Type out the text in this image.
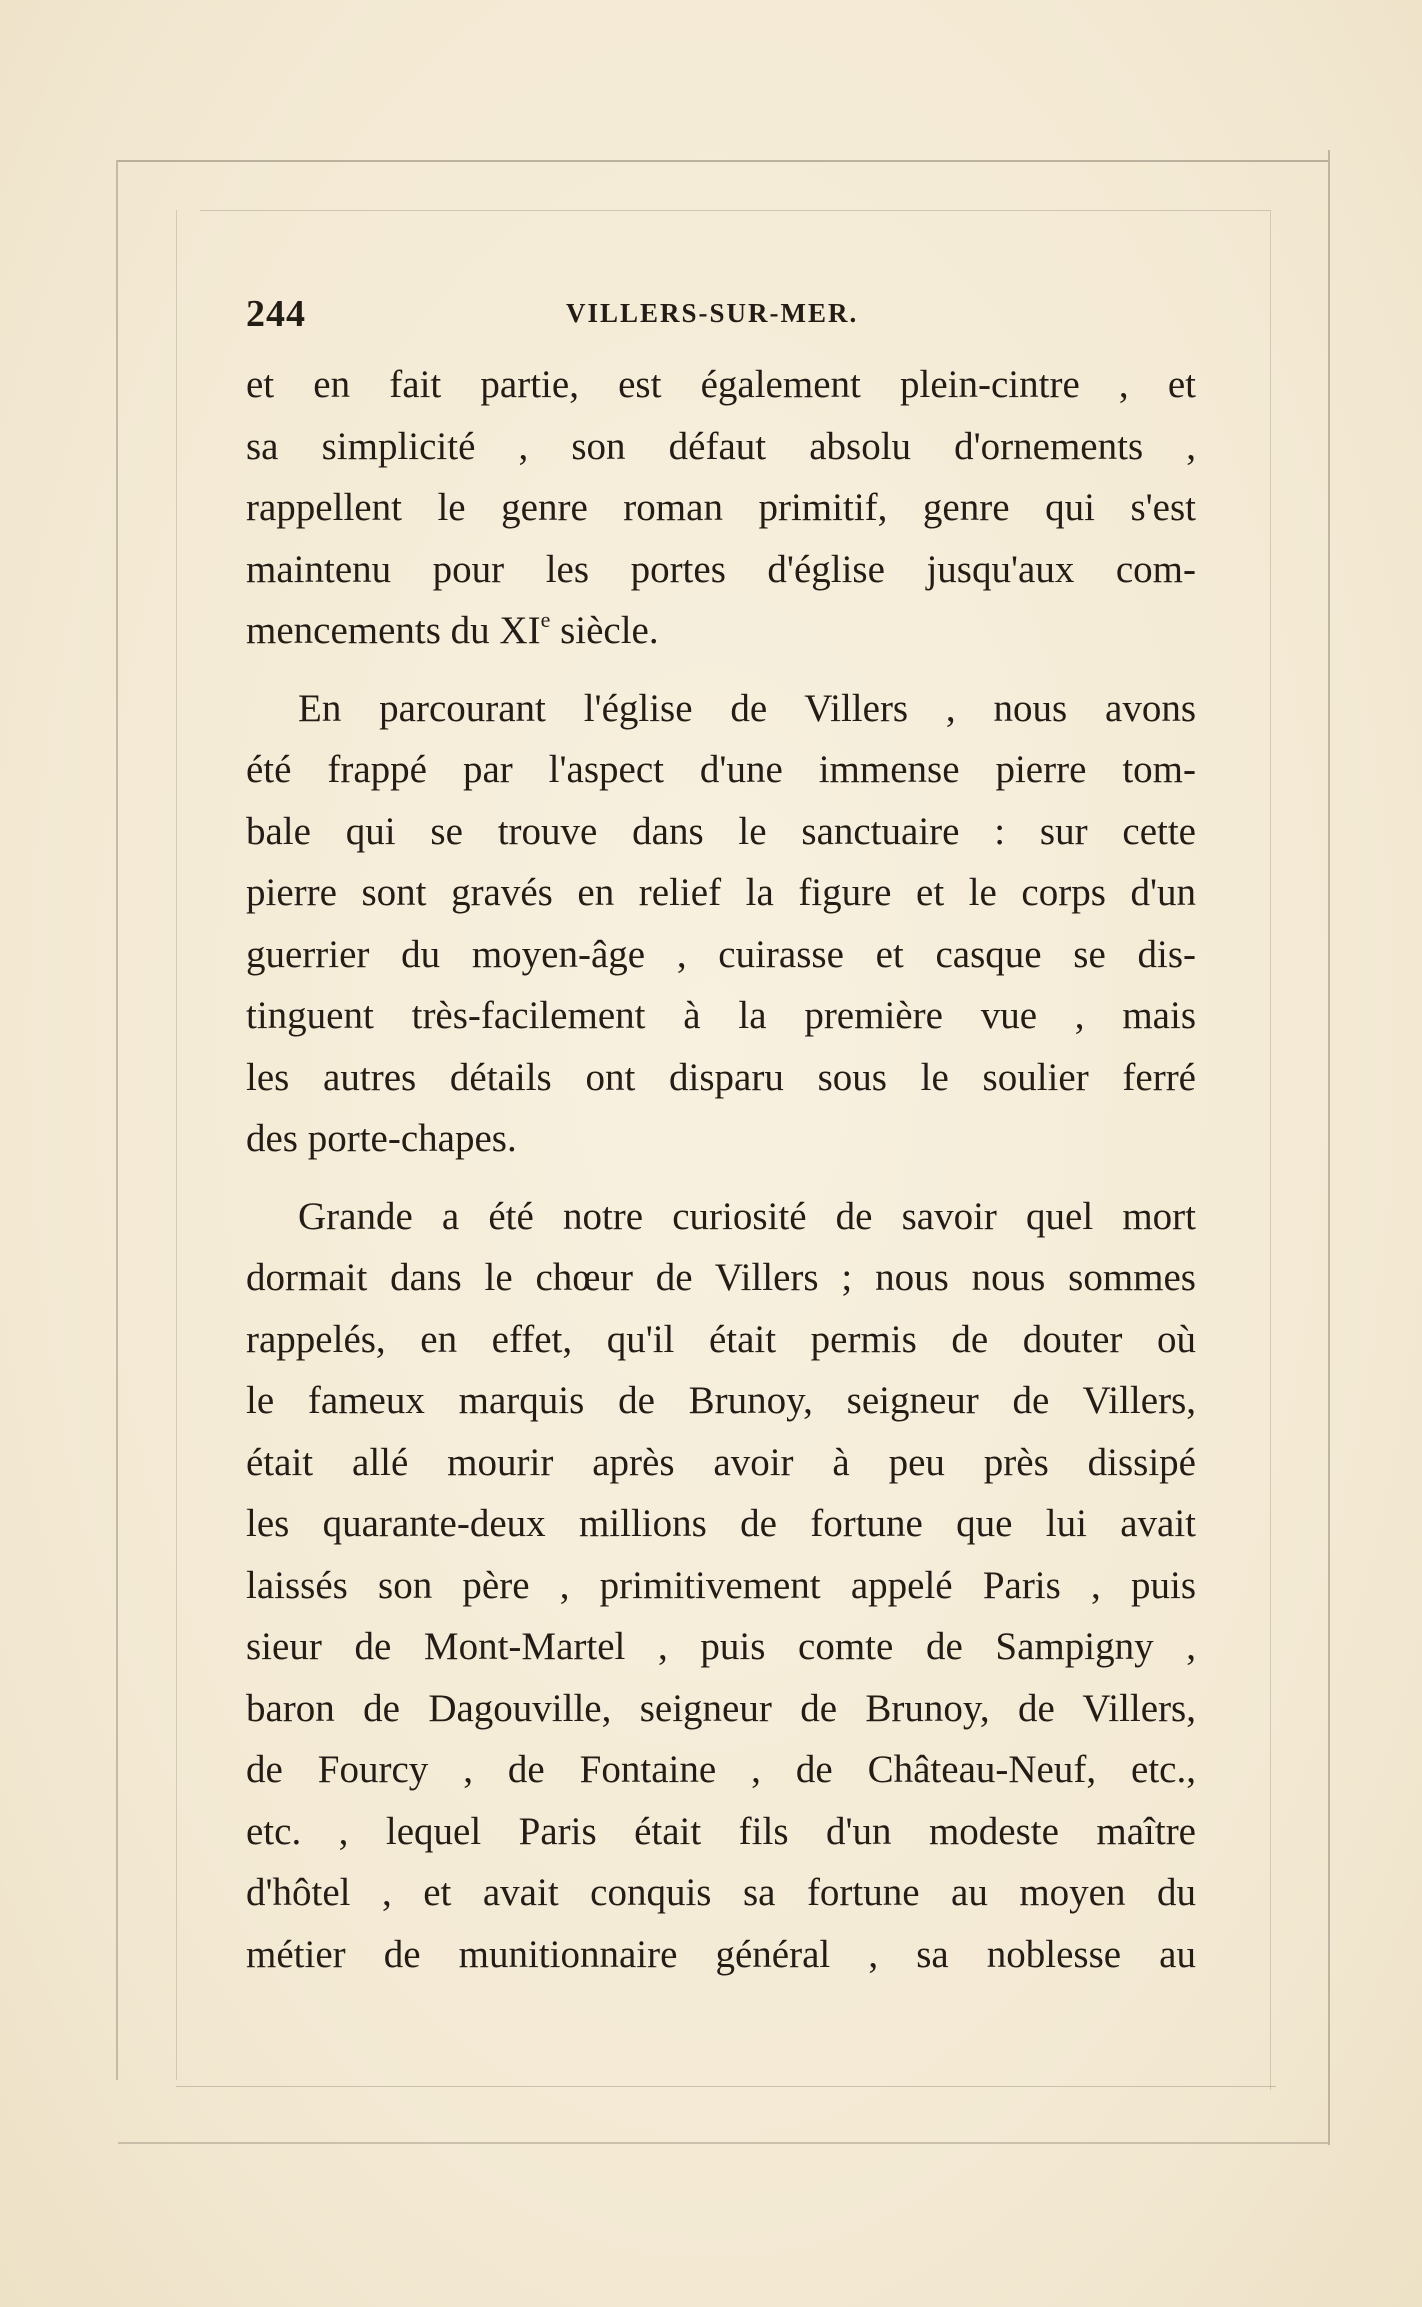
244	VILLERS-SUR-MER.
et en fait partie, est également plein-cintre , et
sa simplicité , son défaut absolu d'ornements ,
rappellent le genre roman primitif, genre qui s'est
maintenu pour les portes d'église jusqu'aux com-
mencements du XIe siècle.
En parcourant l'église de Villers , nous avons
été frappé par l'aspect d'une immense pierre tom-
bale qui se trouve dans le sanctuaire : sur cette
pierre sont gravés en relief la figure et le corps d'un
guerrier du moyen-âge , cuirasse et casque se dis-
tinguent très-facilement à la première vue , mais
les autres détails ont disparu sous le soulier ferré
des porte-chapes.
Grande a été notre curiosité de savoir quel mort
dormait dans le chœur de Villers ; nous nous sommes
rappelés, en effet, qu'il était permis de douter où
le fameux marquis de Brunoy, seigneur de Villers,
était allé mourir après avoir à peu près dissipé
les quarante-deux millions de fortune que lui avait
laissés son père , primitivement appelé Paris , puis
sieur de Mont-Martel , puis comte de Sampigny ,
baron de Dagouville, seigneur de Brunoy, de Villers,
de Fourcy , de Fontaine , de Château-Neuf, etc.,
etc. , lequel Paris était fils d'un modeste maître
d'hôtel , et avait conquis sa fortune au moyen du
métier de munitionnaire général , sa noblesse au
